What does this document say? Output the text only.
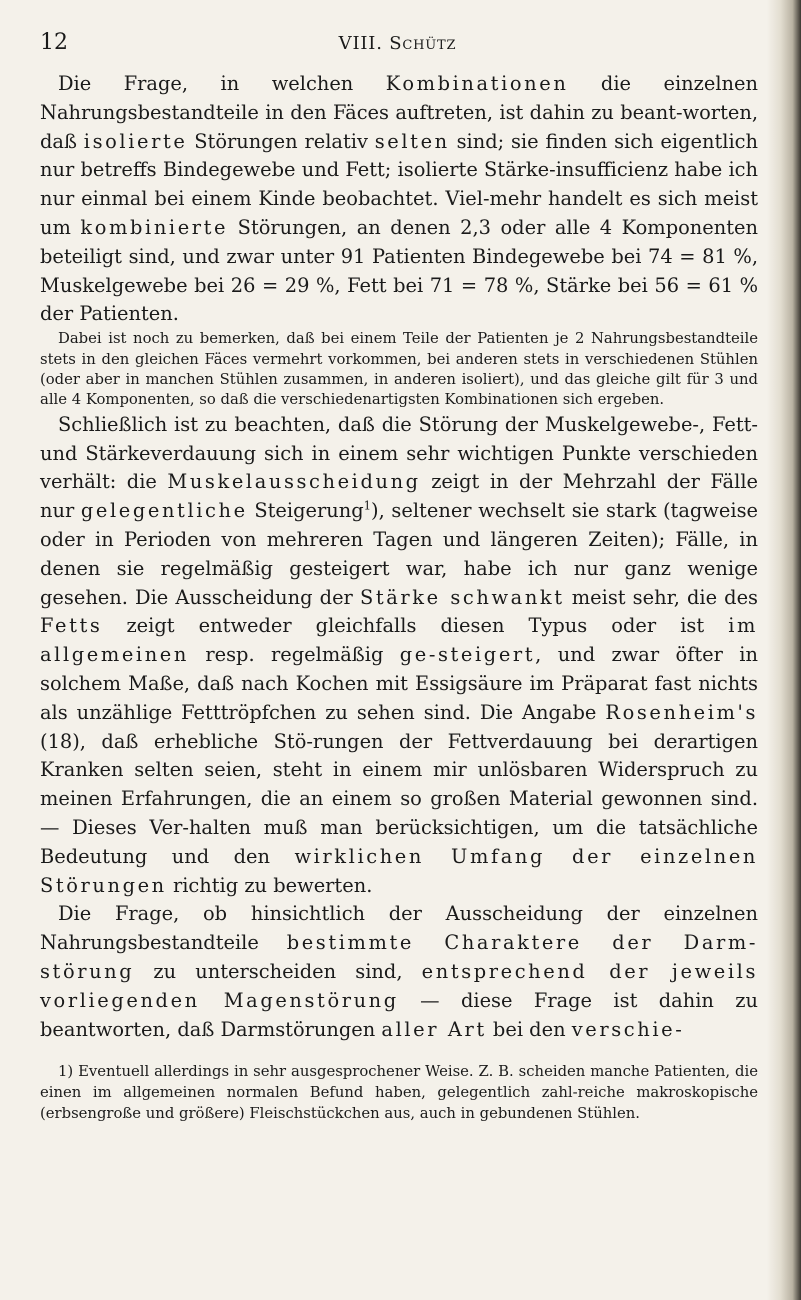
12	VIII. Schütz

Die Frage, in welchen Kombinationen die einzelnen Nahrungsbestandteile in den Fäces auftreten, ist dahin zu beant-worten, daß isolierte Störungen relativ selten sind; sie finden sich eigentlich nur betreffs Bindegewebe und Fett; isolierte Stärke-insufficienz habe ich nur einmal bei einem Kinde beobachtet. Viel-mehr handelt es sich meist um kombinierte Störungen, an denen 2,3 oder alle 4 Komponenten beteiligt sind, und zwar unter 91 Patienten Bindegewebe bei 74 = 81 %, Muskelgewebe bei 26 = 29 %, Fett bei 71 = 78 %, Stärke bei 56 = 61 % der Patienten.

Dabei ist noch zu bemerken, daß bei einem Teile der Patienten je 2 Nahrungsbestandteile stets in den gleichen Fäces vermehrt vorkommen, bei anderen stets in verschiedenen Stühlen (oder aber in manchen Stühlen zusammen, in anderen isoliert), und das gleiche gilt für 3 und alle 4 Komponenten, so daß die verschiedenartigsten Kombinationen sich ergeben.

Schließlich ist zu beachten, daß die Störung der Muskelgewebe-, Fett- und Stärkeverdauung sich in einem sehr wichtigen Punkte verschieden verhält: die Muskelausscheidung zeigt in der Mehrzahl der Fälle nur gelegentliche Steigerung$^1$), seltener wechselt sie stark (tagweise oder in Perioden von mehreren Tagen und längeren Zeiten); Fälle, in denen sie regelmäßig gesteigert war, habe ich nur ganz wenige gesehen. Die Ausscheidung der Stärke schwankt meist sehr, die des Fetts zeigt entweder gleichfalls diesen Typus oder ist im allgemeinen resp. regelmäßig ge-steigert, und zwar öfter in solchem Maße, daß nach Kochen mit Essigsäure im Präparat fast nichts als unzählige Fetttröpfchen zu sehen sind. Die Angabe Rosenheim's (18), daß erhebliche Stö-rungen der Fettverdauung bei derartigen Kranken selten seien, steht in einem mir unlösbaren Widerspruch zu meinen Erfahrungen, die an einem so großen Material gewonnen sind. — Dieses Ver-halten muß man berücksichtigen, um die tatsächliche Bedeutung und den wirklichen Umfang der einzelnen Störungen richtig zu bewerten.

Die Frage, ob hinsichtlich der Ausscheidung der einzelnen Nahrungsbestandteile bestimmte Charaktere der Darm-störung zu unterscheiden sind, entsprechend der jeweils vorliegenden Magenstörung — diese Frage ist dahin zu beantworten, daß Darmstörungen aller Art bei den verschie-

1) Eventuell allerdings in sehr ausgesprochener Weise. Z. B. scheiden manche Patienten, die einen im allgemeinen normalen Befund haben, gelegentlich zahl-reiche makroskopische (erbsengroße und größere) Fleischstückchen aus, auch in gebundenen Stühlen.
